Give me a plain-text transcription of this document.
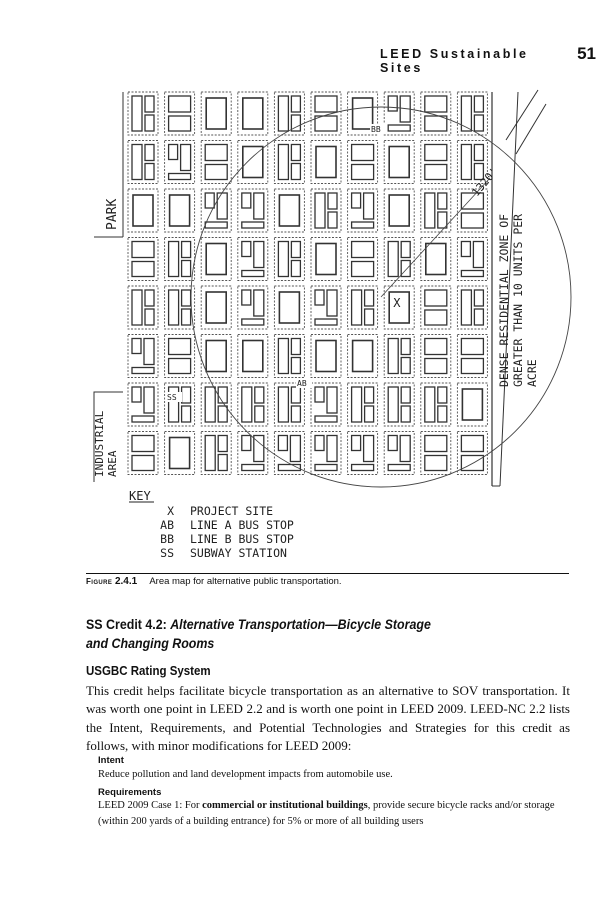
LEED Sustainable Sites
51
X
PARK
INDUSTRIAL AREA
DENSE RESIDENTIAL ZONE OF GREATER THAN 10 UNITS PER ACRE
1320'
BB
AB
SS
KEY
X PROJECT SITE
AB LINE A BUS STOP
BB LINE B BUS STOP
SS SUBWAY STATION
Figure 2.4.1 Area map for alternative public transportation.
SS Credit 4.2: Alternative Transportation—Bicycle Storage
and Changing Rooms
USGBC Rating System
This credit helps facilitate bicycle transportation as an alternative to SOV transportation. It was worth one point in LEED 2.2 and is worth one point in LEED 2009. LEED-NC 2.2 lists the Intent, Requirements, and Potential Technologies and Strategies for this credit as follows, with minor modifications for LEED 2009:
Intent
Reduce pollution and land development impacts from automobile use.
Requirements
LEED 2009 Case 1: For commercial or institutional buildings, provide secure bicycle racks and/or storage (within 200 yards of a building entrance) for 5% or more of all building users
